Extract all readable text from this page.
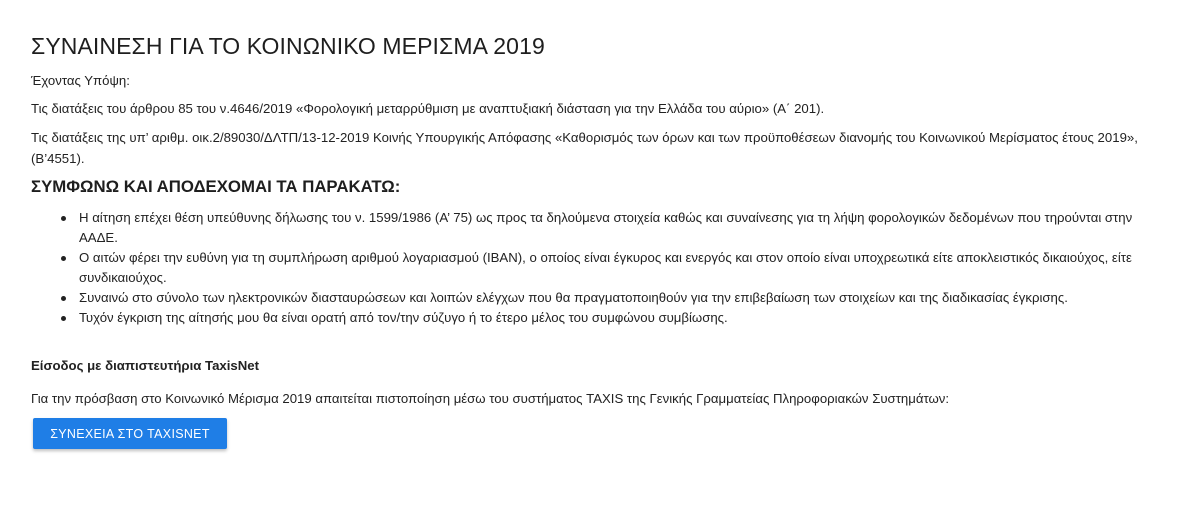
ΣΥΝΑΙΝΕΣΗ ΓΙΑ ΤΟ ΚΟΙΝΩΝΙΚΟ ΜΕΡΙΣΜΑ 2019

Έχοντας Υπόψη:

Τις διατάξεις του άρθρου 85 του ν.4646/2019 «Φορολογική μεταρρύθμιση με αναπτυξιακή διάσταση για την Ελλάδα του αύριο» (Α΄ 201).

Τις διατάξεις της υπ’ αριθμ. οικ.2/89030/ΔΛΤΠ/13-12-2019 Κοινής Υπουργικής Απόφασης «Καθορισμός των όρων και των προϋποθέσεων διανομής του Κοινωνικού Μερίσματος έτους 2019», (Β’4551).

ΣΥΜΦΩΝΩ ΚΑΙ ΑΠΟΔΕΧΟΜΑΙ ΤΑ ΠΑΡΑΚΑΤΩ:
Η αίτηση επέχει θέση υπεύθυνης δήλωσης του ν. 1599/1986 (Α’ 75) ως προς τα δηλούμενα στοιχεία καθώς και συναίνεσης για τη λήψη φορολογικών δεδομένων που τηρούνται στην ΑΑΔΕ.
Ο αιτών φέρει την ευθύνη για τη συμπλήρωση αριθμού λογαριασμού (IBAN), ο οποίος είναι έγκυρος και ενεργός και στον οποίο είναι υποχρεωτικά είτε αποκλειστικός δικαιούχος, είτε συνδικαιούχος.
Συναινώ στο σύνολο των ηλεκτρονικών διασταυρώσεων και λοιπών ελέγχων που θα πραγματοποιηθούν για την επιβεβαίωση των στοιχείων και της διαδικασίας έγκρισης.
Τυχόν έγκριση της αίτησής μου θα είναι ορατή από τον/την σύζυγο ή το έτερο μέλος του συμφώνου συμβίωσης.
Είσοδος με διαπιστευτήρια TaxisNet

Για την πρόσβαση στο Κοινωνικό Μέρισμα 2019 απαιτείται πιστοποίηση μέσω του συστήματος TAXIS της Γενικής Γραμματείας Πληροφοριακών Συστημάτων:

ΣΥΝΕΧΕΙΑ ΣΤΟ TAXISNET
